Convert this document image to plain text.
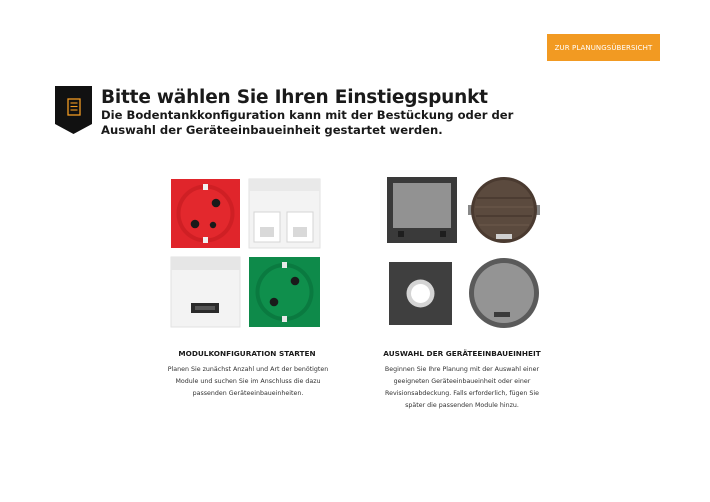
ZUR PLANUNGSÜBERSICHT
Bitte wählen Sie Ihren Einstiegspunkt

Die Bodentankkonfiguration kann mit der Bestückung oder der Auswahl der Geräteeinbaueinheit gestartet werden.

MODULKONFIGURATION STARTEN
Planen Sie zunächst Anzahl und Art der benötigten Module und suchen Sie im Anschluss die dazu passenden Geräteeinbaueinheiten.
AUSWAHL DER GERÄTEEINBAUEINHEIT
Beginnen Sie Ihre Planung mit der Auswahl einer geeigneten Geräteeinbaueinheit oder einer Revisionsabdeckung. Falls erforderlich, fügen Sie später die passenden Module hinzu.
